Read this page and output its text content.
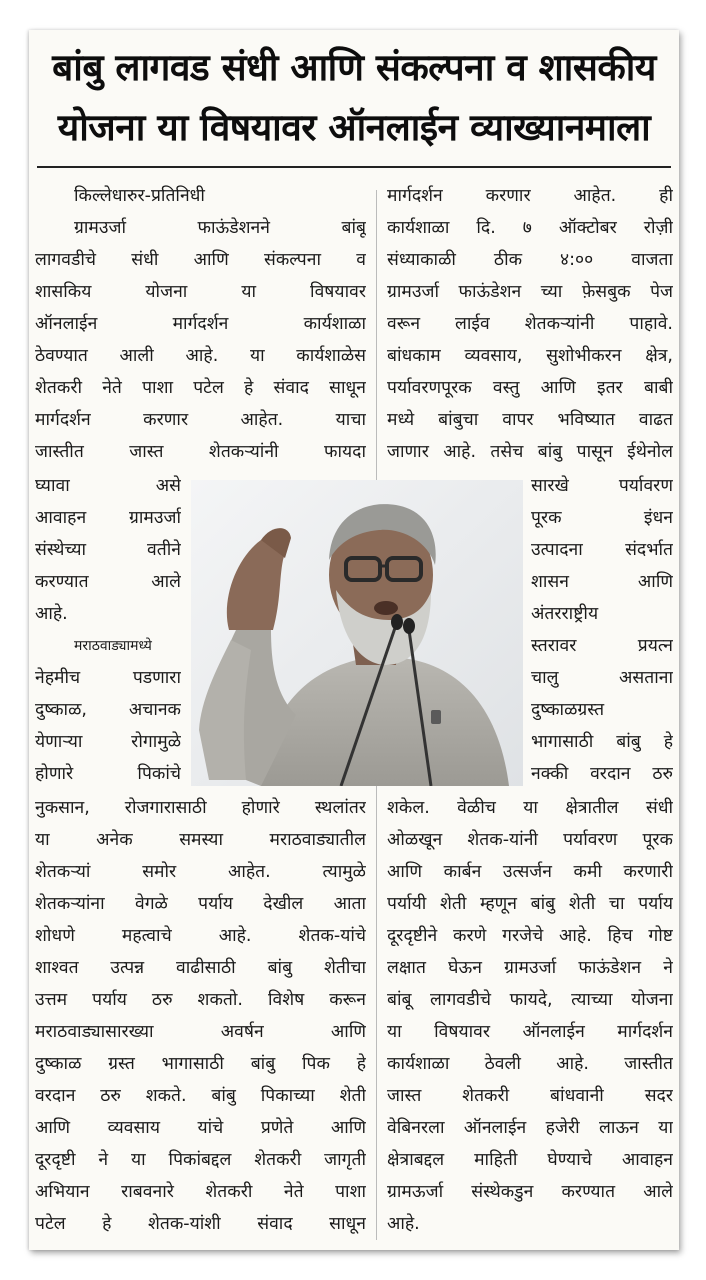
बांबु लागवड संधी आणि संकल्पना व शासकीय
योजना या विषयावर ऑनलाईन व्याख्यानमाला
किल्लेधारुर-प्रतिनिधी
ग्रामउर्जा फाऊंडेशनने बांबू
लागवडीचे संधी आणि संकल्पना व
शासकिय योजना या विषयावर
ऑनलाईन मार्गदर्शन कार्यशाळा
ठेवण्यात आली आहे. या कार्यशाळेस
शेतकरी नेते पाशा पटेल हे संवाद साधून
मार्गदर्शन करणार आहेत. याचा
जास्तीत जास्त शेतकऱ्यांनी फायदा
घ्यावा असे
आवाहन ग्रामउर्जा
संस्थेच्या वतीने
करण्यात आले
आहे.
मराठवाड्यामध्ये
नेहमीच पडणारा
दुष्काळ, अचानक
येणाऱ्या रोगामुळे
होणारे पिकांचे
नुकसान, रोजगारासाठी होणारे स्थलांतर
या अनेक समस्या मराठवाड्यातील
शेतकऱ्यां समोर आहेत. त्यामुळे
शेतकऱ्यांना वेगळे पर्याय देखील आता
शोधणे महत्वाचे आहे. शेतक-यांचे
शाश्वत उत्पन्न वाढीसाठी बांबु शेतीचा
उत्तम पर्याय ठरु शकतो. विशेष करून
मराठवाड्यासारख्या अवर्षन आणि
दुष्काळ ग्रस्त भागासाठी बांबु पिक हे
वरदान ठरु शकते. बांबु पिकाच्या शेती
आणि व्यवसाय यांचे प्रणेते आणि
दूरदृष्टी ने या पिकांबद्दल शेतकरी जागृती
अभियान राबवनारे शेतकरी नेते पाशा
पटेल हे शेतक-यांशी संवाद साधून
मार्गदर्शन करणार आहेत. ही
कार्यशाळा दि. ७ ऑक्टोबर रोज़ी
संध्याकाळी ठीक ४:०० वाजता
ग्रामउर्जा फाऊंडेशन च्या फ़ेसबुक पेज
वरून लाईव शेतकऱ्यांनी पाहावे.
बांधकाम व्यवसाय, सुशोभीकरन क्षेत्र,
पर्यावरणपूरक वस्तु आणि इतर बाबी
मध्ये बांबुचा वापर भविष्यात वाढत
जाणार आहे. तसेच बांबु पासून ईथेनोल
सारखे पर्यावरण
पूरक इंधन
उत्पादना संदर्भात
शासन आणि
अंतरराष्ट्रीय
स्तरावर प्रयत्न
चालु असताना
दुष्काळग्रस्त
भागासाठी बांबु हे
नक्की वरदान ठरु
शकेल. वेळीच या क्षेत्रातील संधी
ओळखून शेतक-यांनी पर्यावरण पूरक
आणि कार्बन उत्सर्जन कमी करणारी
पर्यायी शेती म्हणून बांबु शेती चा पर्याय
दूरदृष्टीने करणे गरजेचे आहे. हिच गोष्ट
लक्षात घेऊन ग्रामउर्जा फाऊंडेशन ने
बांबू लागवडीचे फायदे, त्याच्या योजना
या विषयावर ऑनलाईन मार्गदर्शन
कार्यशाळा ठेवली आहे. जास्तीत
जास्त शेतकरी बांधवानी सदर
वेबिनरला ऑनलाईन हजेरी लाऊन या
क्षेत्राबद्दल माहिती घेण्याचे आवाहन
ग्रामऊर्जा संस्थेकडुन करण्यात आले
आहे.
